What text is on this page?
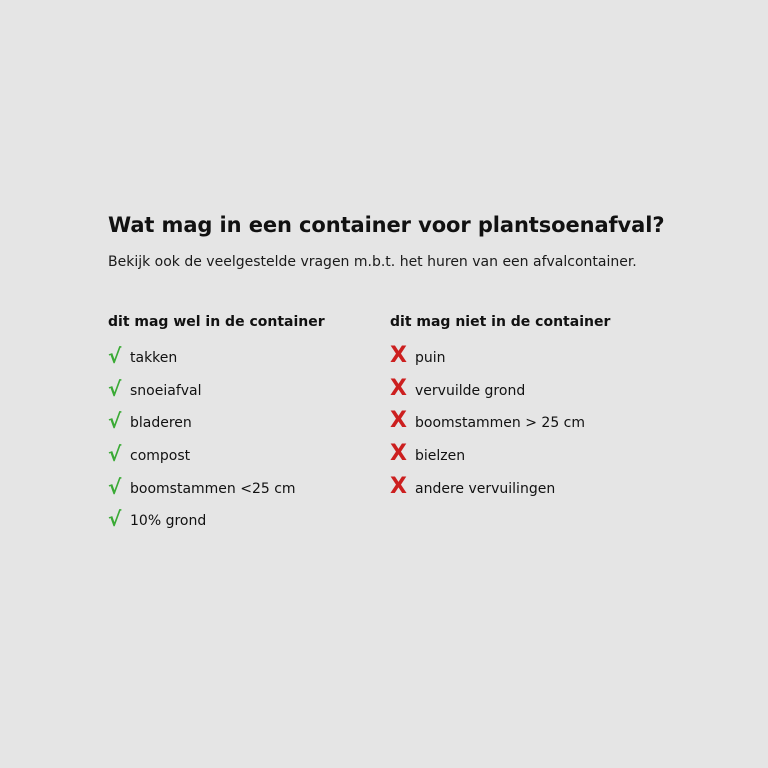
Wat mag in een container voor plantsoenafval?

Bekijk ook de veelgestelde vragen m.b.t. het huren van een afvalcontainer.

dit mag wel in de container
√ takken
√ snoeiafval
√ bladeren
√ compost
√ boomstammen <25 cm
√ 10% grond
dit mag niet in de container
X puin
X vervuilde grond
X boomstammen > 25 cm
X bielzen
X andere vervuilingen
